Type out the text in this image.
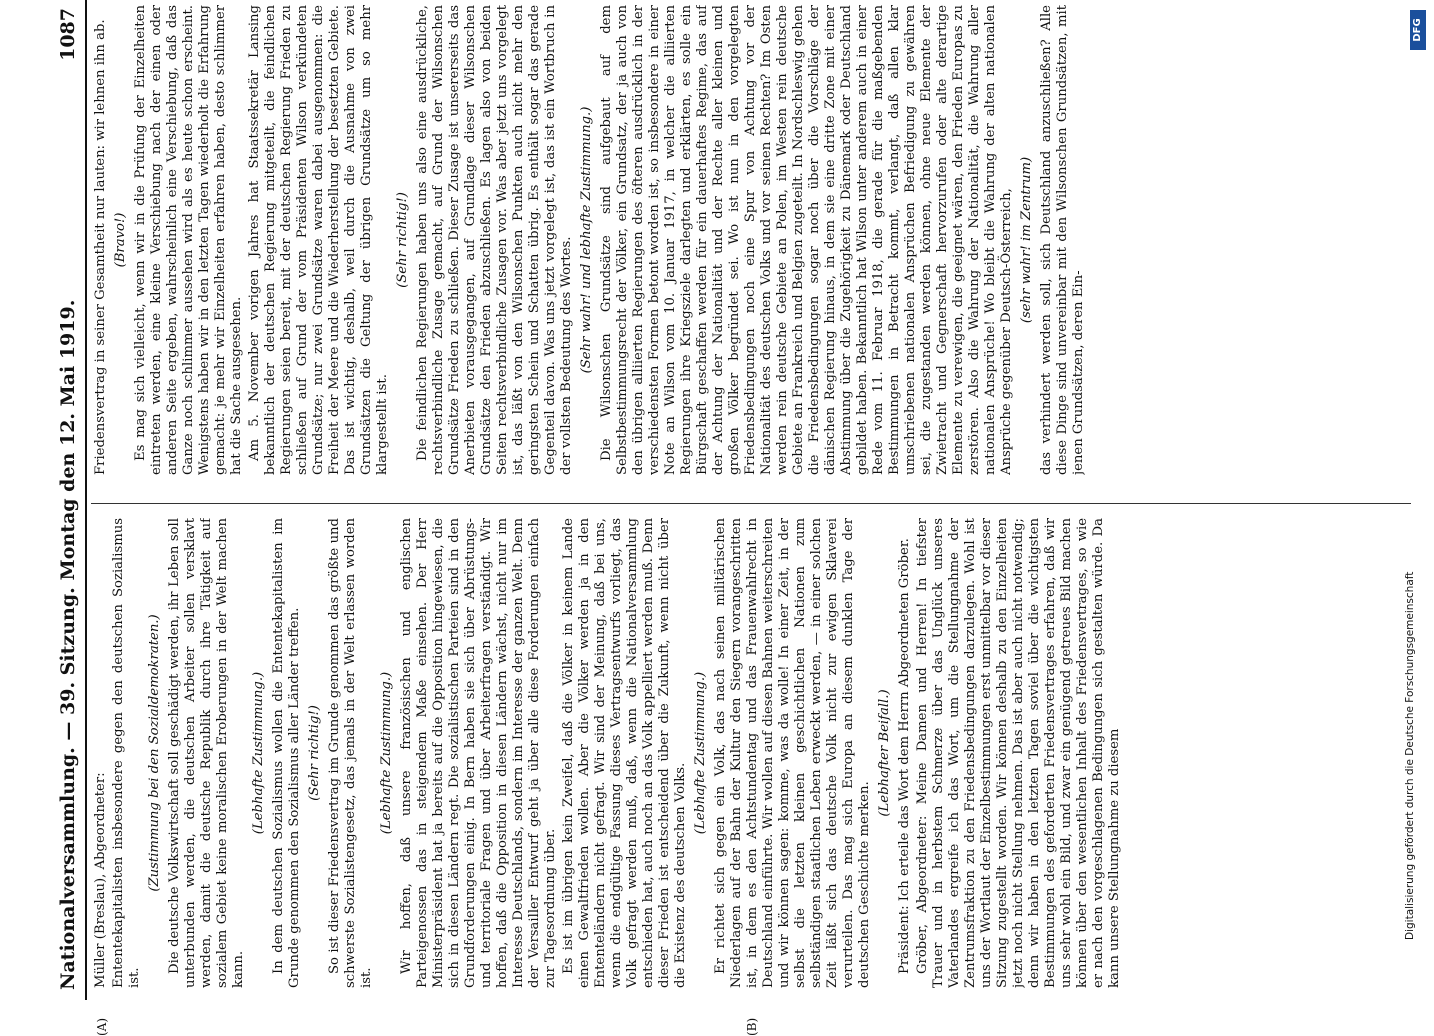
Nationalversammlung. — 39. Sitzung.
Montag den 12. Mai 1919.
1087
(A)	(B)

Müller (Breslau), Abgeordneter: Ententekapitalisten insbesondere gegen den deutschen Sozialismus ist.

(Zustimmung bei den Sozialdemokraten.) Die deutsche Volkswirtschaft soll geschädigt werden, ihr Leben soll unterbunden werden, die deutschen Arbeiter sollen versklavt werden, damit die deutsche Republik durch ihre Tätigkeit auf sozialem Gebiet keine moralischen Eroberungen in der Welt machen kann.

(Lebhafte Zustimmung.) In dem deutschen Sozialismus wollen die Ententekapitalisten im Grunde genommen den Sozialismus aller Länder treffen. (Sehr richtig!) So ist dieser Friedensvertrag im Grunde genommen das größte und schwerste Sozialistengesetz, das jemals in der Welt erlassen worden ist.

(Lebhafte Zustimmung.) Wir hoffen, daß unsere französischen und englischen Parteigenossen das in steigendem Maße einsehen. Der Herr Ministerpräsident hat ja bereits auf die Opposition hingewiesen, die sich in diesen Ländern regt. Die sozialistischen Parteien sind in den Grundforderungen einig. In Bern haben sie sich über Abrüstungs- und territoriale Fragen und über Arbeiterfragen verständigt. Wir hoffen, daß die Opposition in diesen Ländern wächst, nicht nur im Interesse Deutschlands, sondern im Interesse der ganzen Welt. Denn der Versailler Entwurf geht ja über alle diese Forderungen einfach zur Tagesordnung über. Es ist im übrigen kein Zweifel, daß die Völker in keinem Lande einen Gewaltfrieden wollen. Aber die Völker werden ja in den Ententeländern nicht gefragt. Wir sind der Meinung, daß bei uns, wenn die endgültige Fassung dieses Vertragsentwurfs vorliegt, das Volk gefragt werden muß, daß, wenn die Nationalversammlung entschieden hat, auch noch an das Volk appelliert werden muß. Denn dieser Frieden ist entscheidend über die Zukunft, wenn nicht über die Existenz des deutschen Volks.

(Lebhafte Zustimmung.) Er richtet sich gegen ein Volk, das nach seinen militärischen Niederlagen auf der Bahn der Kultur den Siegern vorangeschritten ist, in dem es den Achtstundentag und das Frauenwahlrecht in Deutschland einführte. Wir wollen auf diesen Bahnen weiterschreiten und wir können sagen: komme, was da wolle! In einer Zeit, in der selbst die letzten kleinen geschichtlichen Nationen zum selbständigen staatlichen Leben erweckt werden, — in einer solchen Zeit läßt sich das deutsche Volk nicht zur ewigen Sklaverei verurteilen. Das mag sich Europa an diesem dunklen Tage der deutschen Geschichte merken.

(Lebhafter Beifall.) Präsident: Ich erteile das Wort dem Herrn Abgeordneten Gröber. Gröber, Abgeordneter: Meine Damen und Herren! In tiefster Trauer und in herbstem Schmerze über das Unglück unseres Vaterlandes ergreife ich das Wort, um die Stellungnahme der Zentrumsfraktion zu den Friedensbedingungen darzulegen. Wohl ist uns der Wortlaut der Einzelbestimmungen erst unmittelbar vor dieser Sitzung zugestellt worden. Wir können deshalb zu den Einzelheiten jetzt noch nicht Stellung nehmen. Das ist aber auch nicht notwendig; denn wir haben in den letzten Tagen soviel über die wichtigsten Bestimmungen des geforderten Friedensvertrages erfahren, daß wir uns sehr wohl ein Bild, und zwar ein genügend getreues Bild machen können über den wesentlichen Inhalt des Friedensvertrages, so wie er nach den vorgeschlagenen Bedingungen sich gestalten würde. Da kann unsere Stellungnahme zu diesem

Friedensvertrag in seiner Gesamtheit nur lauten: wir lehnen ihn ab. (Bravo!) Es mag sich vielleicht, wenn wir in die Prüfung der Einzelheiten eintreten werden, eine kleine Verschiebung nach der einen oder anderen Seite ergeben, wahrscheinlich eine Verschiebung, daß das Ganze noch schlimmer aussehen wird als es heute schon erscheint. Wenigstens haben wir in den letzten Tagen wiederholt die Erfahrung gemacht: je mehr wir Einzelheiten erfahren haben, desto schlimmer hat die Sache ausgesehen. Am 5. November vorigen Jahres hat Staatssekretär Lansing bekanntlich der deutschen Regierung mitgeteilt, die feindlichen Regierungen seien bereit, mit der deutschen Regierung Frieden zu schließen auf Grund der vom Präsidenten Wilson verkündeten Grundsätze; nur zwei Grundsätze waren dabei ausgenommen: die Freiheit der Meere und die Wiederherstellung der besetzten Gebiete. Das ist wichtig, deshalb, weil durch die Ausnahme von zwei Grundsätzen die Geltung der übrigen Grundsätze um so mehr klargestellt ist.

(Sehr richtig!) Die feindlichen Regierungen haben uns also eine ausdrückliche, rechtsverbindliche Zusage gemacht, auf Grund der Wilsonschen Grundsätze Frieden zu schließen. Dieser Zusage ist unsererseits das Anerbieten vorausgegangen, auf Grundlage dieser Wilsonschen Grundsätze den Frieden abzuschließen. Es lagen also von beiden Seiten rechtsverbindliche Zusagen vor. Was aber jetzt uns vorgelegt ist, das läßt von den Wilsonschen Punkten auch nicht mehr den geringsten Schein und Schatten übrig. Es enthält sogar das gerade Gegenteil davon. Was uns jetzt vorgelegt ist, das ist ein Wortbruch in der vollsten Bedeutung des Wortes. (Sehr wahr! und lebhafte Zustimmung.) Die Wilsonschen Grundsätze sind aufgebaut auf dem Selbstbestimmungsrecht der Völker, ein Grundsatz, der ja auch von den übrigen alliierten Regierungen des öfteren ausdrücklich in der verschiedensten Formen betont worden ist, so insbesondere in einer Note an Wilson vom 10. Januar 1917, in welcher die alliierten Regierungen ihre Kriegsziele darlegten und erklärten, es solle ein Bürgschaft geschaffen werden für ein dauerhaftes Regime, das auf der Achtung der Nationalität und der Rechte aller kleinen und großen Völker begründet sei. Wo ist nun in den vorgelegten Friedensbedingungen noch eine Spur von Achtung vor der Nationalität des deutschen Volks und vor seinen Rechten? Im Osten werden rein deutsche Gebiete an Polen, im Westen rein deutsche Gebiete an Frankreich und Belgien zugeteilt. In Nordschleswig gehen die Friedensbedingungen sogar noch über die Vorschläge der dänischen Regierung hinaus, in dem sie eine dritte Zone mit einer Abstimmung über die Zugehörigkeit zu Dänemark oder Deutschland gebildet haben. Bekanntlich hat Wilson unter anderem auch in einer Rede vom 11. Februar 1918, die gerade für die maßgebenden Bestimmungen in Betracht kommt, verlangt, daß allen klar umschriebenen nationalen Ansprüchen Befriedigung zu gewähren sei, die zugestanden werden können, ohne neue Elemente der Zwietracht und Gegnerschaft hervorzurufen oder alte derartige Elemente zu verewigen, die geeignet wären, den Frieden Europas zu zerstören. Also die Wahrung der Nationalität, die Wahrung aller nationalen Ansprüche! Wo bleibt die Wahrung der alten nationalen Ansprüche gegenüber Deutsch-Österreich, (sehr wahr! im Zentrum) das verhindert werden soll, sich Deutschland anzuschließen? Alle diese Dinge sind unvereinbar mit den Wilsonschen Grundsätzen, mit jenen Grundsätzen, deren Ein-

Digitalisierung gefördert durch die Deutsche Forschungsgemeinschaft
DFG
